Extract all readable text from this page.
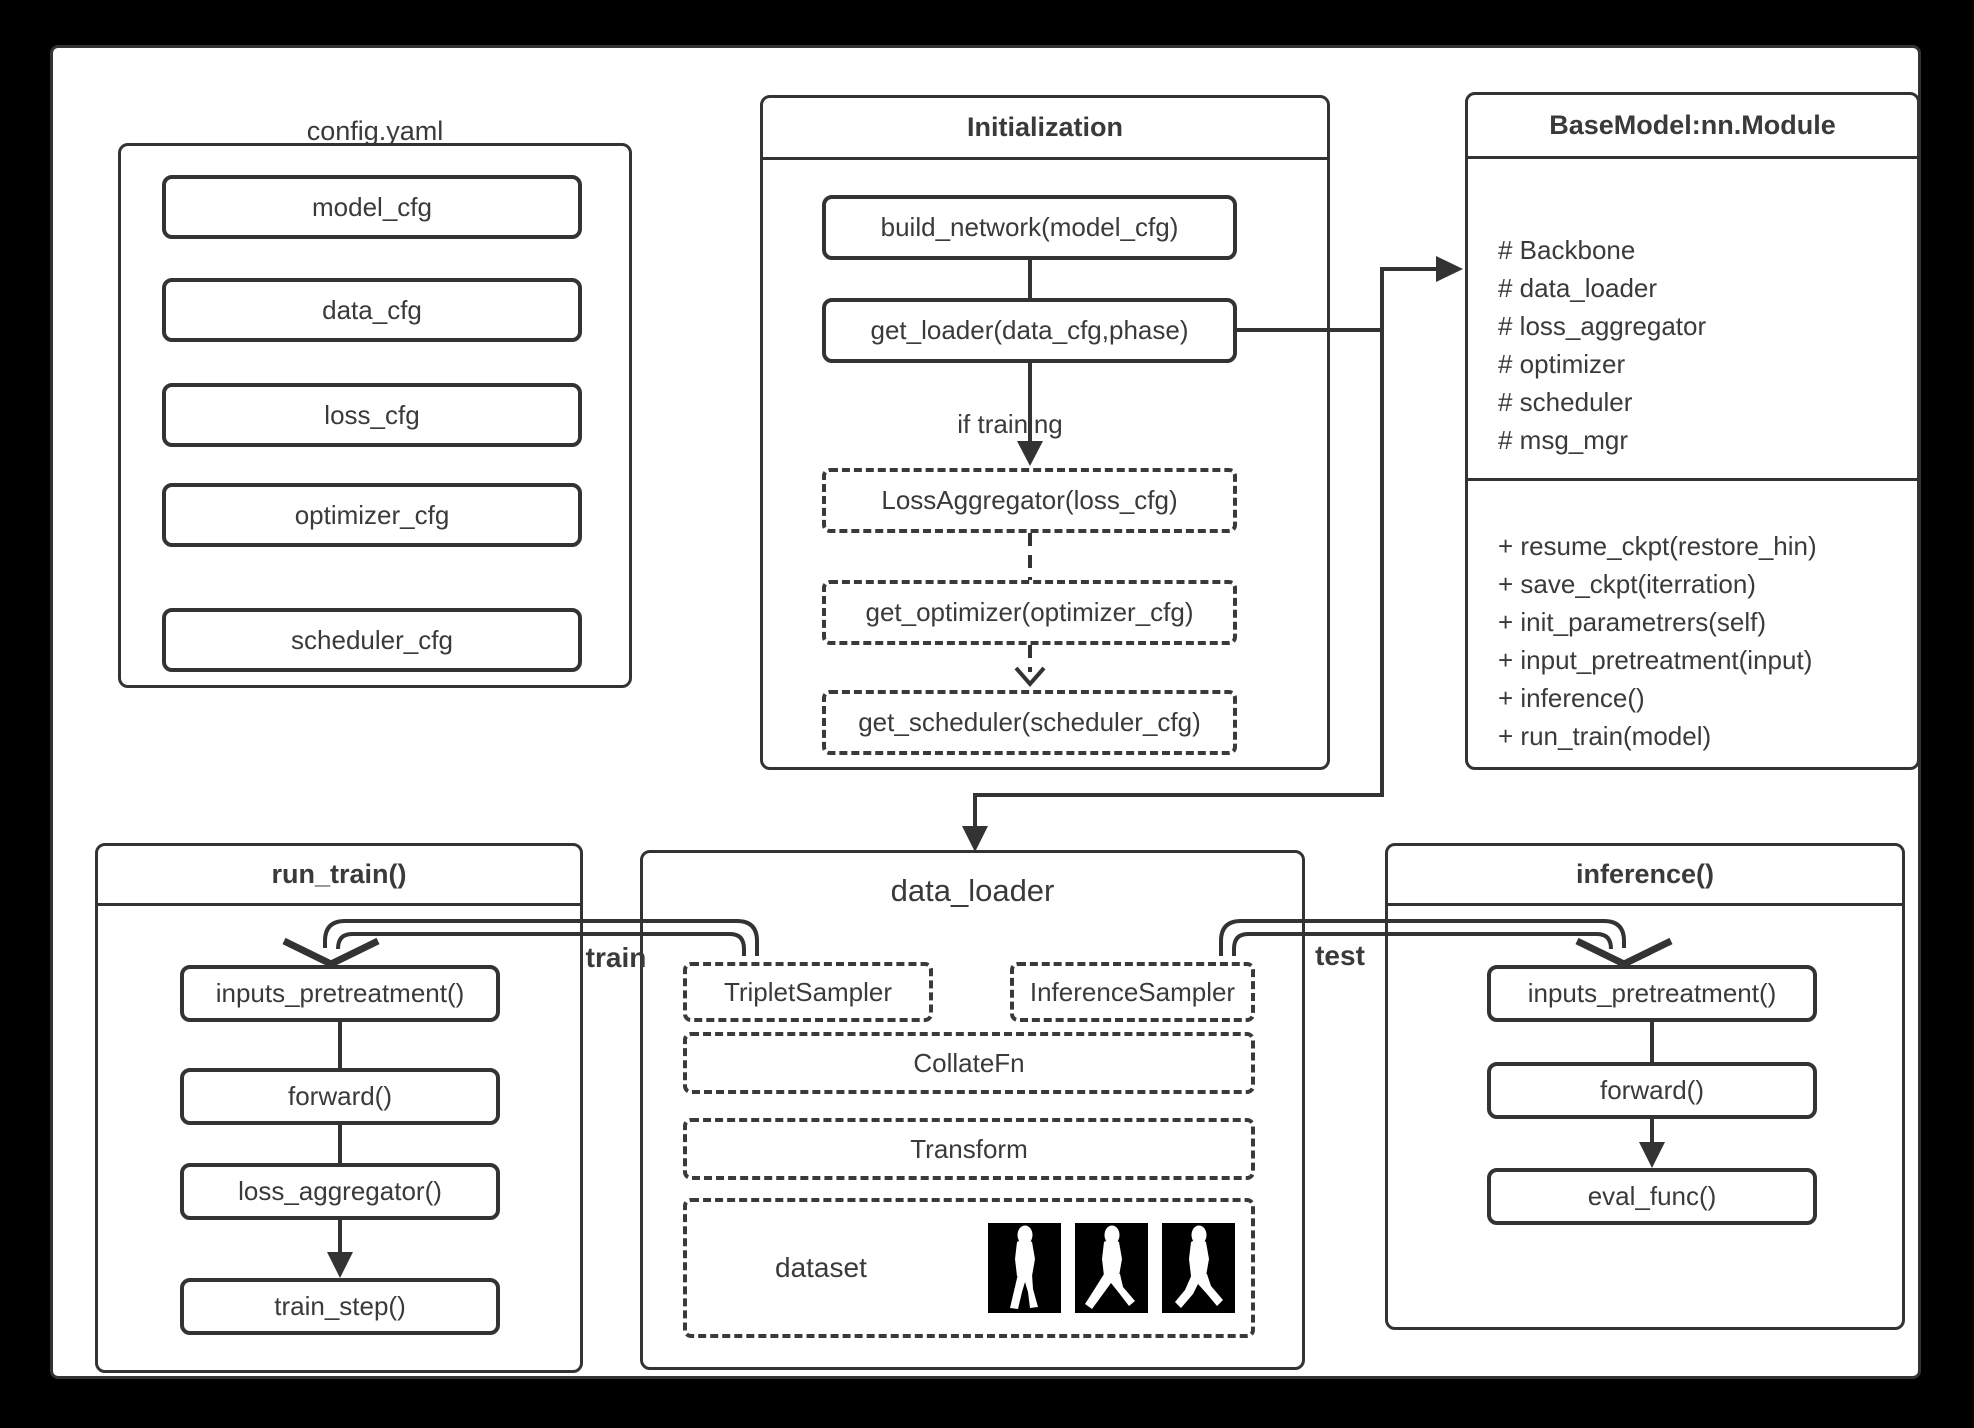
config.yaml
model_cfg
data_cfg
loss_cfg
optimizer_cfg
scheduler_cfg
Initialization
build_network(model_cfg)
get_loader(data_cfg,phase)
if training
LossAggregator(loss_cfg)
get_optimizer(optimizer_cfg)
get_scheduler(scheduler_cfg)
BaseModel:nn.Module
# Backbone
# data_loader
# loss_aggregator
# optimizer
# scheduler
# msg_mgr
+ resume_ckpt(restore_hin)
+ save_ckpt(iterration)
+ init_parametrers(self)
+ input_pretreatment(input)
+ inference()
+ run_train(model)
run_train()
inputs_pretreatment()
forward()
loss_aggregator()
train_step()
data_loader
TripletSampler	InferenceSampler
CollateFn
Transform
dataset
inference()
inputs_pretreatment()
forward()
eval_func()
train	test
